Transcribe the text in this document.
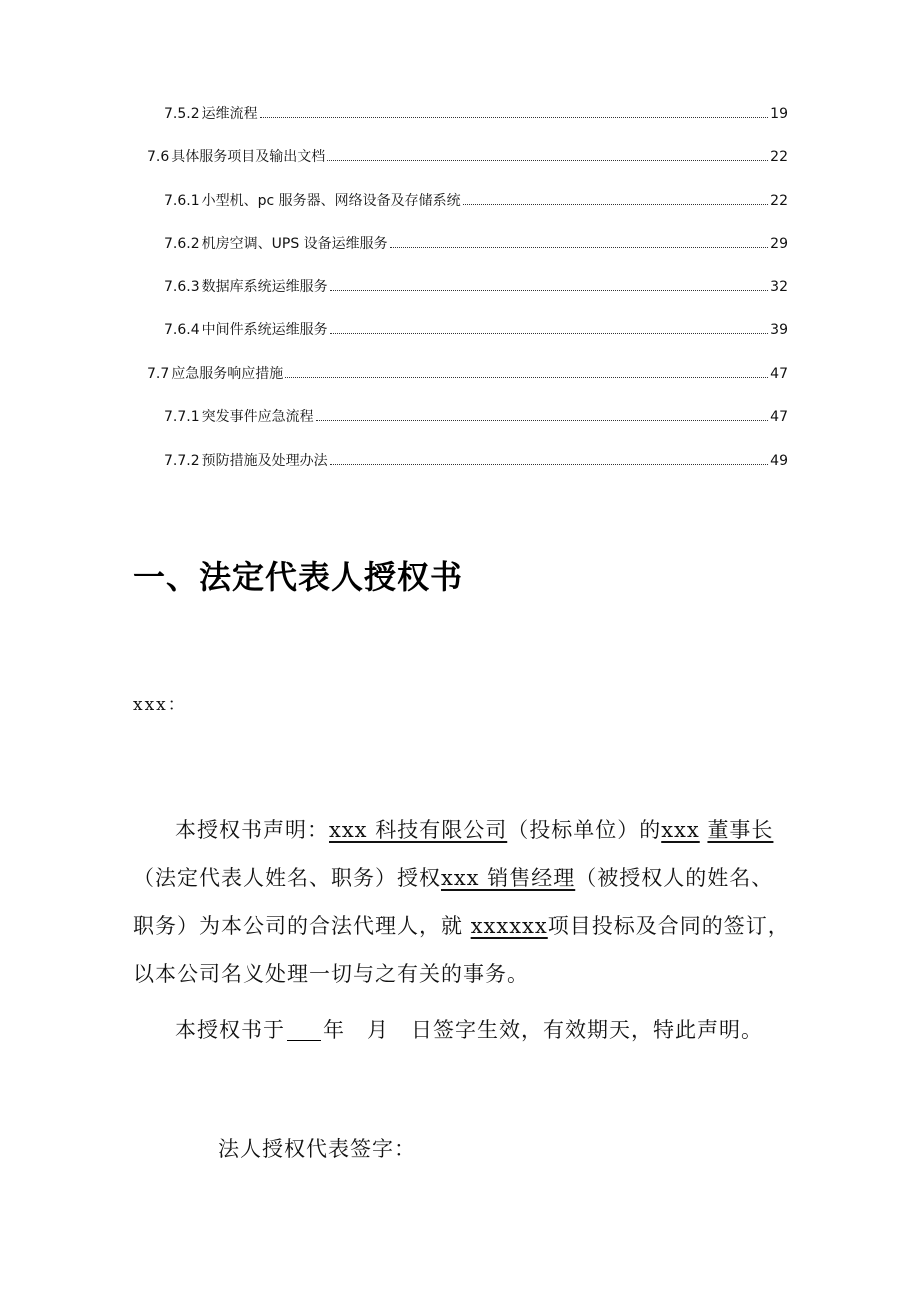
7.5.2 运维流程	19
7.6 具体服务项目及输出文档	22
7.6.1 小型机、pc 服务器、网络设备及存储系统	22
7.6.2 机房空调、UPS 设备运维服务	29
7.6.3 数据库系统运维服务	32
7.6.4 中间件系统运维服务	39
7.7 应急服务响应措施	47
7.7.1 突发事件应急流程	47
7.7.2 预防措施及处理办法	49
一、法定代表人授权书
xxx：

本授权书声明：xxx 科技有限公司（投标单位）的xxx 董事长（法定代表人姓名、职务）授权xxx 销售经理（被授权人的姓名、职务）为本公司的合法代理人，就 xxxxxx项目投标及合同的签订，以本公司名义处理一切与之有关的事务。

本授权书于 年 月 日签字生效，有效期天，特此声明。

法人授权代表签字：
